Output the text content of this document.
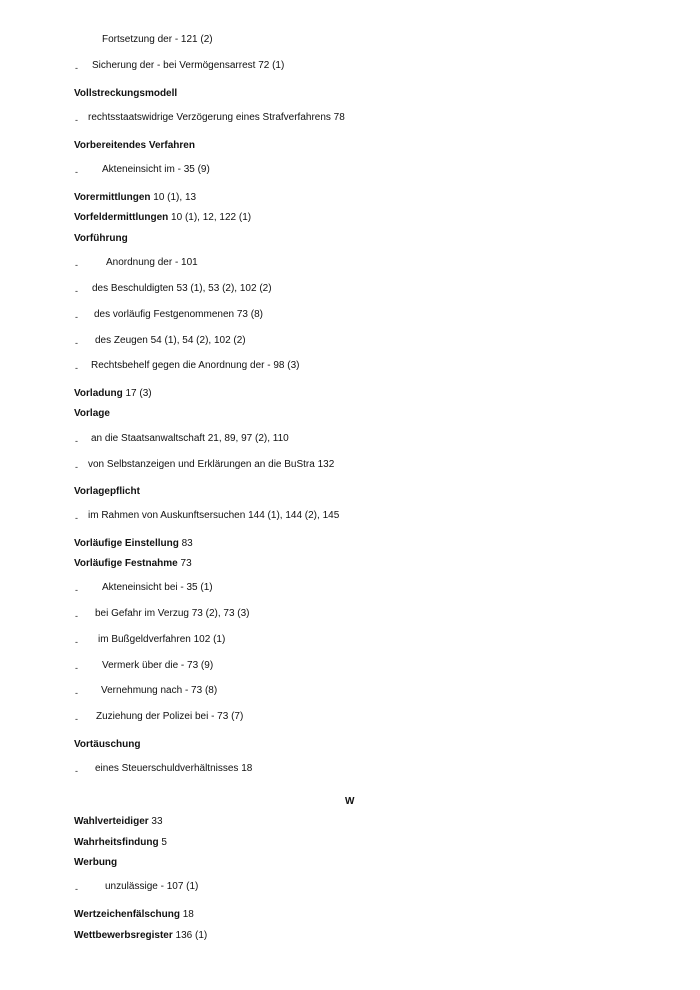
Fortsetzung der - 121 (2)
- Sicherung der - bei Vermögensarrest 72 (1)
Vollstreckungsmodell
- rechtsstaatswidrige Verzögerung eines Strafverfahrens 78
Vorbereitendes Verfahren
- Akteneinsicht im - 35 (9)
Vorermittlungen 10 (1), 13
Vorfeldermittlungen 10 (1), 12, 122 (1)
Vorführung
-	Anordnung der - 101
- des Beschuldigten 53 (1), 53 (2), 102 (2)
- des vorläufig Festgenommenen 73 (8)
- des Zeugen 54 (1), 54 (2), 102 (2)
- Rechtsbehelf gegen die Anordnung der - 98 (3)
Vorladung 17 (3)
Vorlage
- an die Staatsanwaltschaft 21, 89, 97 (2), 110
- von Selbstanzeigen und Erklärungen an die BuStra 132
Vorlagepflicht
- im Rahmen von Auskunftsersuchen 144 (1), 144 (2), 145
Vorläufige Einstellung 83
Vorläufige Festnahme 73
- Akteneinsicht bei - 35 (1)
- bei Gefahr im Verzug 73 (2), 73 (3)
- im Bußgeldverfahren 102 (1)
- Vermerk über die - 73 (9)
- Vernehmung nach - 73 (8)
- Zuziehung der Polizei bei - 73 (7)
Vortäuschung
- eines Steuerschuldverhältnisses 18
W
Wahlverteidiger 33
Wahrheitsfindung 5
Werbung
-	unzulässige - 107 (1)
Wertzeichenfälschung 18
Wettbewerbsregister 136 (1)
